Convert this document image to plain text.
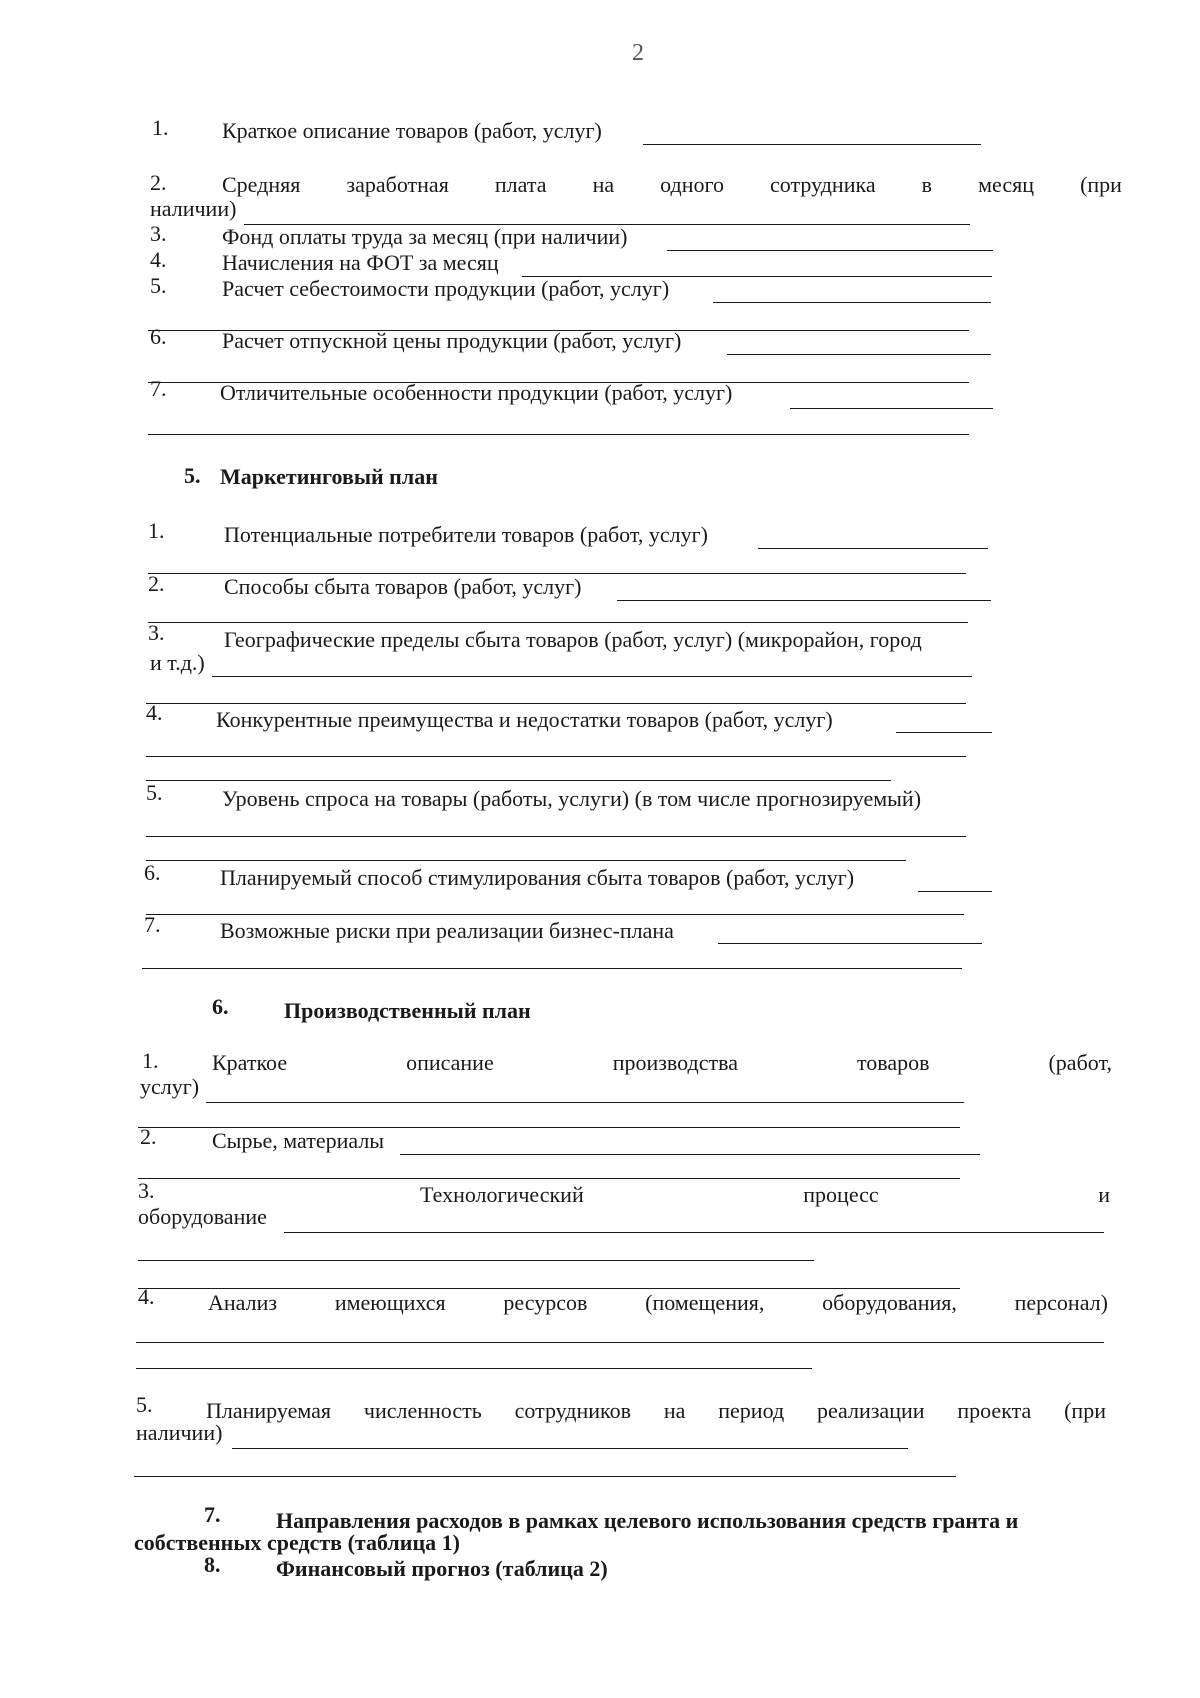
2
1. Краткое описание товаров (работ, услуг)
2.	Средняя заработная плата на одного сотрудника в месяц (при
наличии)
3.	Фонд оплаты труда за месяц (при наличии)
4.	Начисления на ФОТ за месяц
5.	Расчет себестоимости продукции (работ, услуг)
6.	Расчет отпускной цены продукции (работ, услуг)
7. Отличительные особенности продукции (работ, услуг)
5. Маркетинговый план
1.	Потенциальные потребители товаров (работ, услуг)
2.	Способы сбыта товаров (работ, услуг)
3.	Географические пределы сбыта товаров (работ, услуг) (микрорайон, город
и т.д.)
4. Конкурентные преимущества и недостатки товаров (работ, услуг)
5.	Уровень спроса на товары (работы, услуги) (в том числе прогнозируемый)
6.	Планируемый способ стимулирования сбыта товаров (работ, услуг)
7.	Возможные риски при реализации бизнес-плана
6.	Производственный план
1. Краткое	описание	производства	товаров	(работ,
услуг)
2.	Сырье, материалы
3.	Технологический	процесс	и
оборудование
4. Анализ	имеющихся	ресурсов	(помещения,	оборудования,	персонал)
5. Планируемая численность сотрудников на период реализации проекта (при
наличии)
7.	Направления расходов в рамках целевого использования средств гранта и
собственных средств (таблица 1)
8.	Финансовый прогноз (таблица 2)
